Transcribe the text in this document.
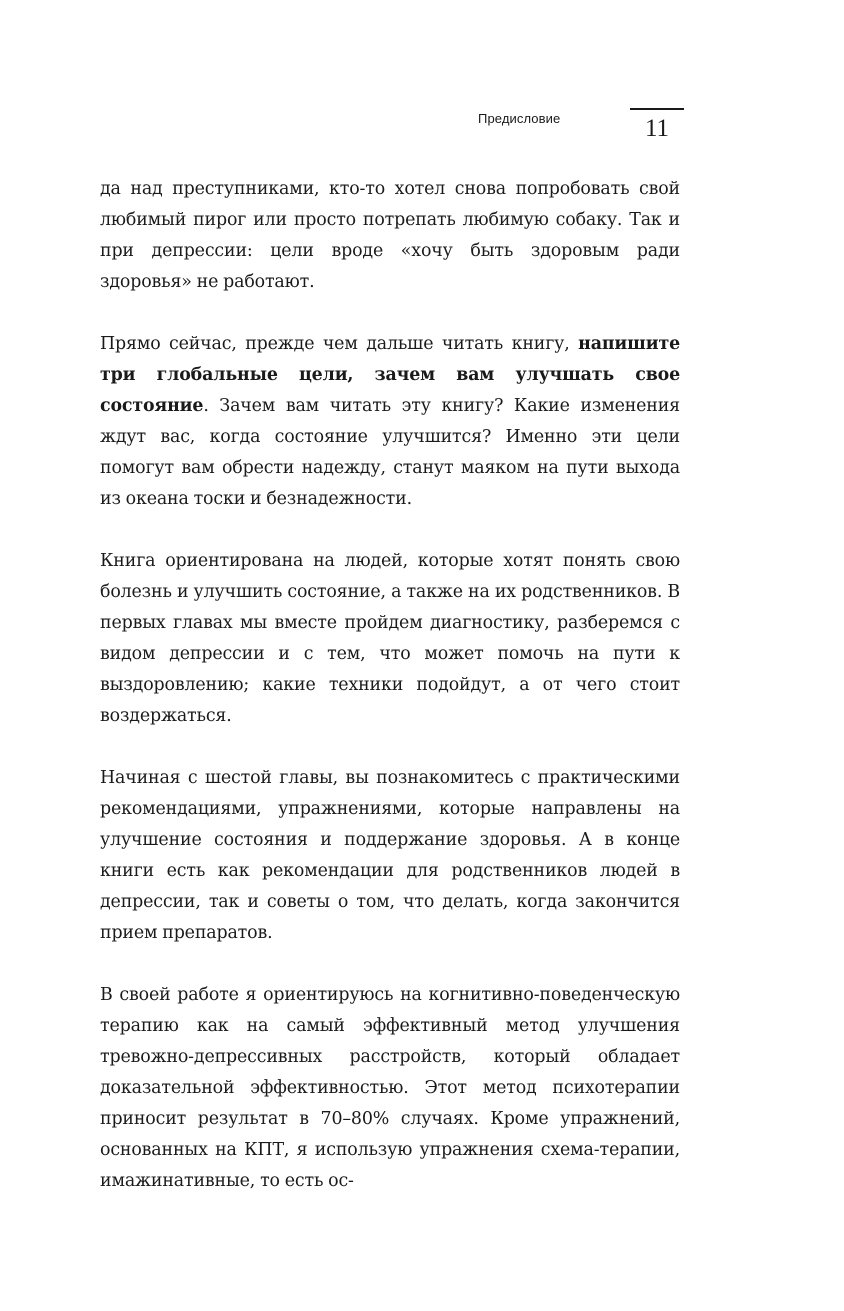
Предисловие	11

да над преступниками, кто-то хотел снова попробовать свой любимый пирог или просто потрепать любимую собаку. Так и при депрессии: цели вроде «хочу быть здоровым ради здоровья» не работают.

Прямо сейчас, прежде чем дальше читать книгу, напишите три глобальные цели, зачем вам улучшать свое состояние. Зачем вам читать эту книгу? Какие изменения ждут вас, когда состояние улучшится? Именно эти цели помогут вам обрести надежду, станут маяком на пути выхода из океана тоски и безнадежности.

Книга ориентирована на людей, которые хотят понять свою болезнь и улучшить состояние, а также на их родственников. В первых главах мы вместе пройдем диагностику, разберемся с видом депрессии и с тем, что может помочь на пути к выздоровлению; какие техники подойдут, а от чего стоит воздержаться.

Начиная с шестой главы, вы познакомитесь с практическими рекомендациями, упражнениями, которые направлены на улучшение состояния и поддержание здоровья. А в конце книги есть как рекомендации для родственников людей в депрессии, так и советы о том, что делать, когда закончится прием препаратов.

В своей работе я ориентируюсь на когнитивно-поведенческую терапию как на самый эффективный метод улучшения тревожно-депрессивных расстройств, который обладает доказательной эффективностью. Этот метод психотерапии приносит результат в 70–80% случаях. Кроме упражнений, основанных на КПТ, я использую упражнения схема-терапии, имажинативные, то есть ос-
